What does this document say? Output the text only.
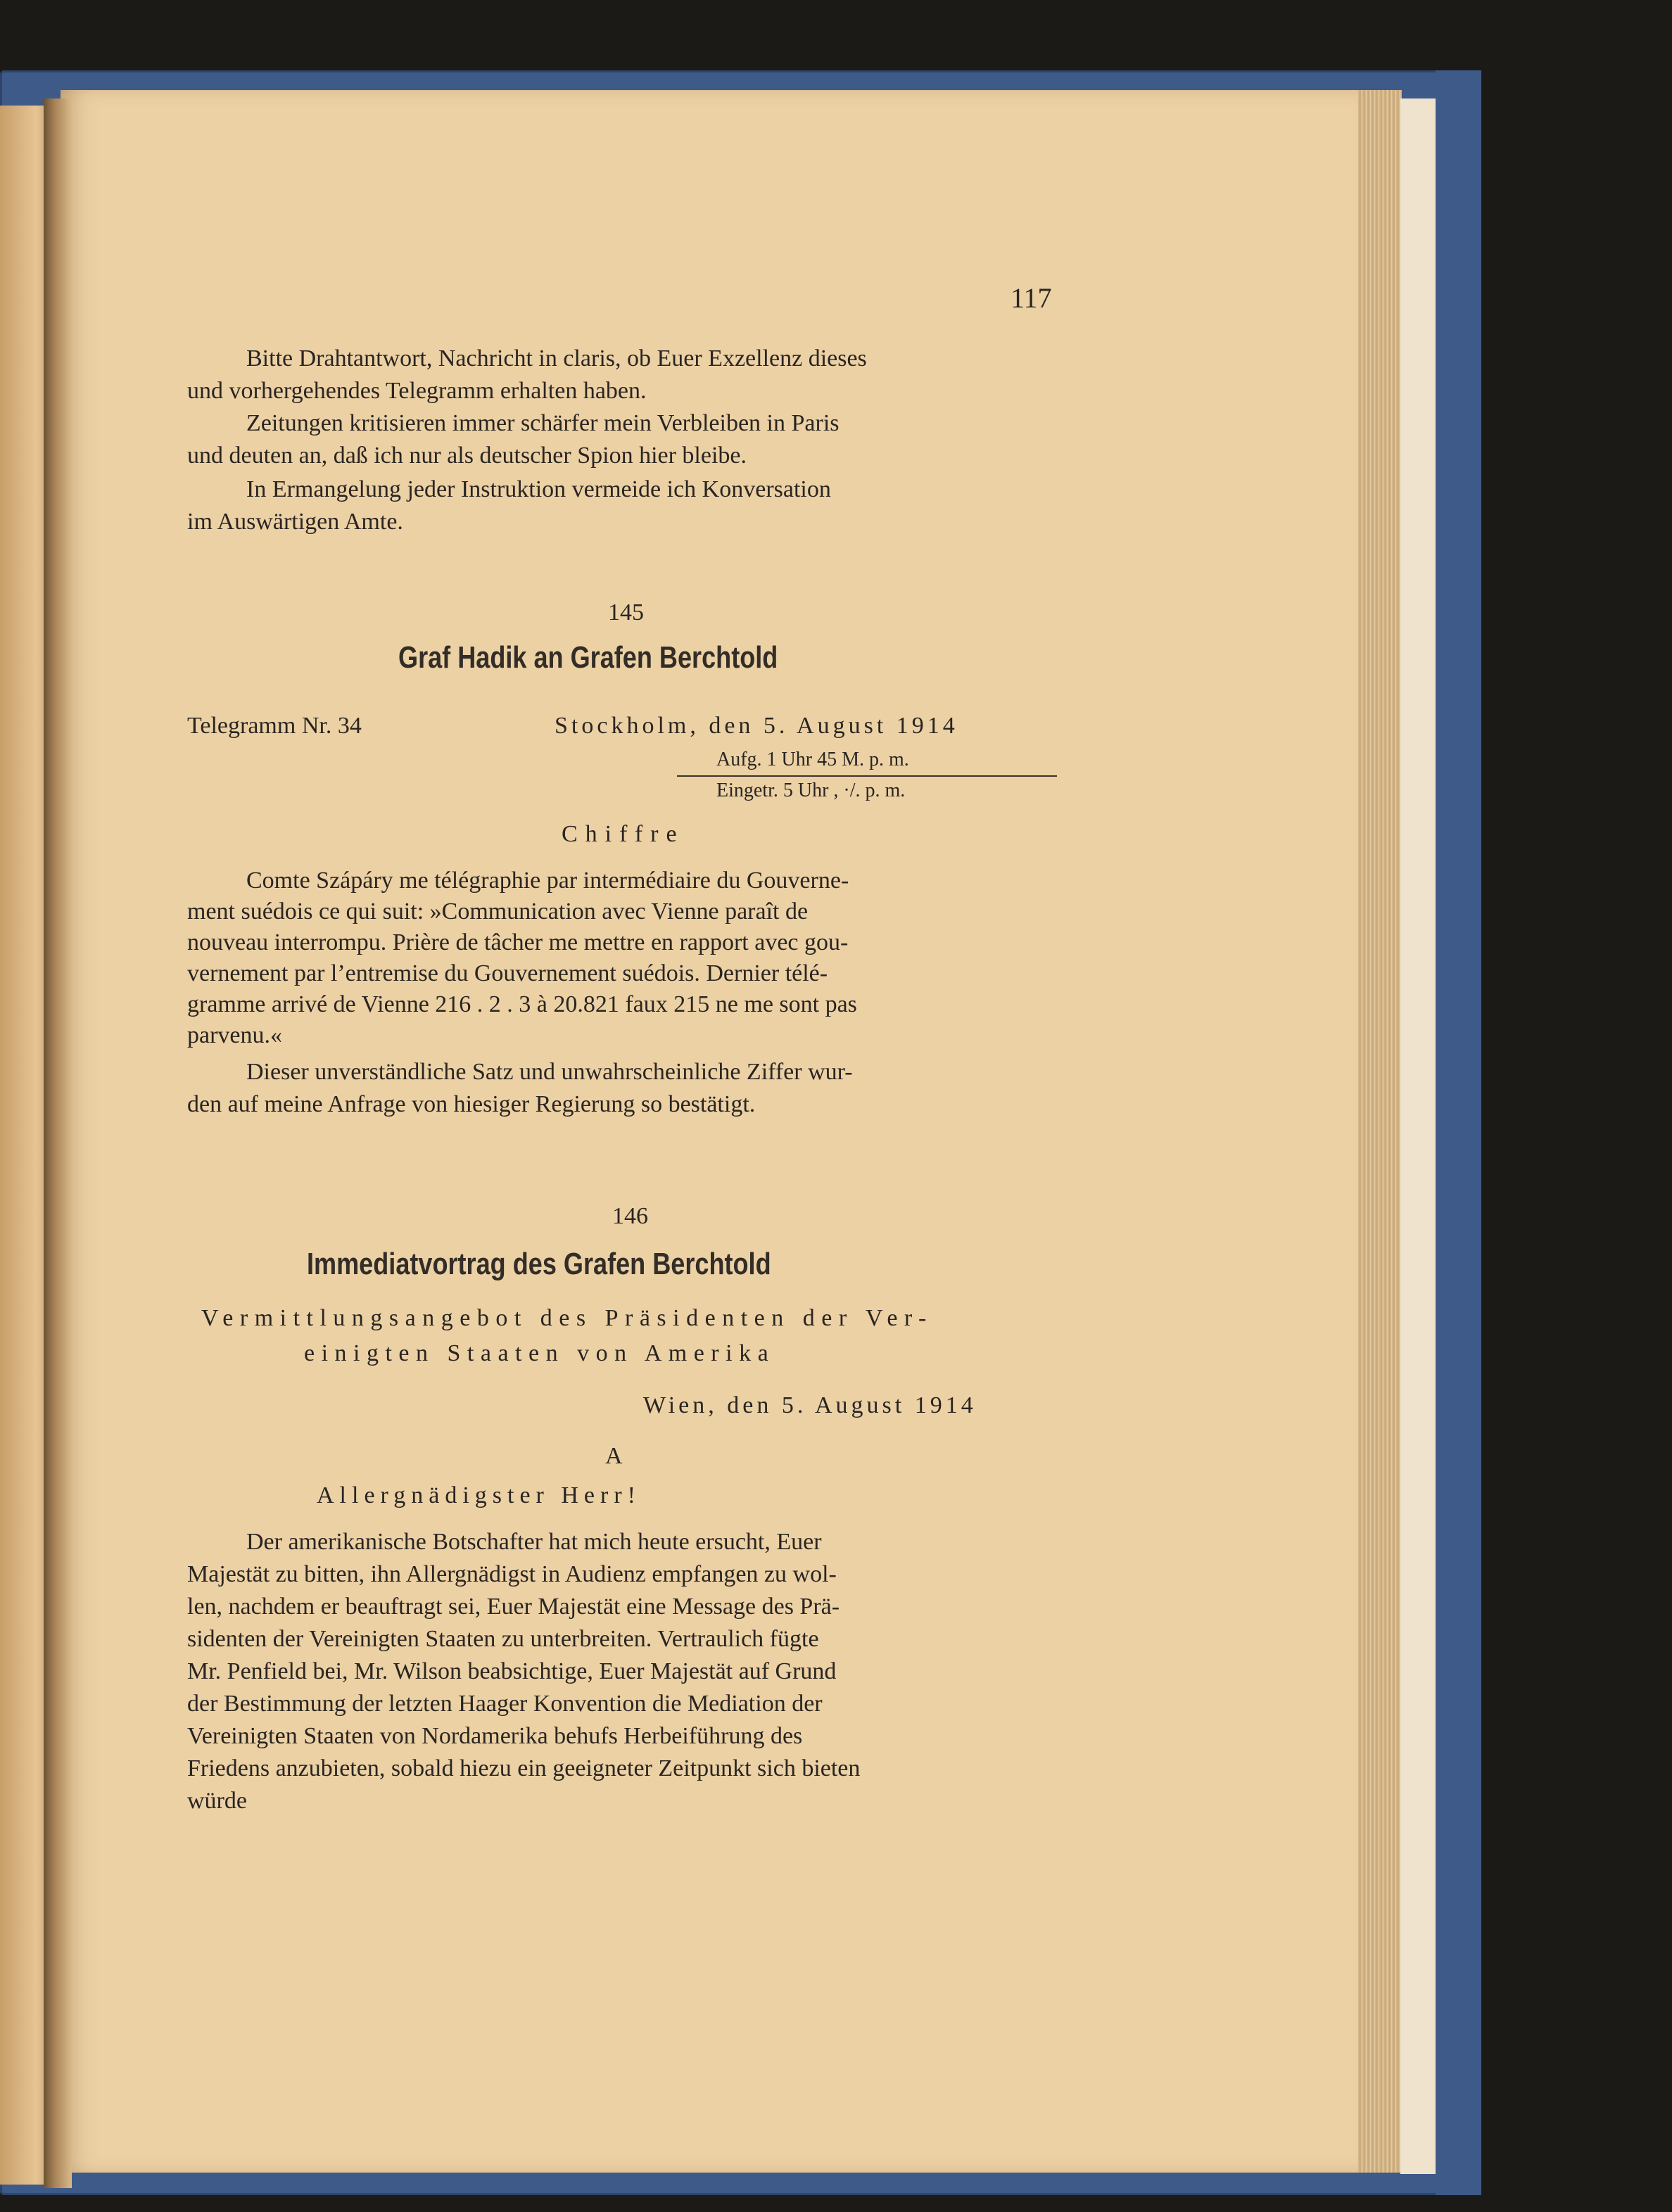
117
Bitte Drahtantwort, Nachricht in claris, ob Euer Exzellenz dieses
und vorhergehendes Telegramm erhalten haben.
Zeitungen kritisieren immer schärfer mein Verbleiben in Paris
und deuten an, daß ich nur als deutscher Spion hier bleibe.
In Ermangelung jeder Instruktion vermeide ich Konversation
im Auswärtigen Amte.
145
Graf Hadik an Grafen Berchtold
Telegramm Nr. 34	Stockholm, den 5. August 1914
Aufg. 1 Uhr 45 M. p. m.
Eingetr. 5 Uhr , ·/. p. m.
Chiffre
Comte Szápáry me télégraphie par intermédiaire du Gouverne-
ment suédois ce qui suit: »Communication avec Vienne paraît de
nouveau interrompu. Prière de tâcher me mettre en rapport avec gou-
vernement par l’entremise du Gouvernement suédois. Dernier télé-
gramme arrivé de Vienne 216 . 2 . 3 à 20.821 faux 215 ne me sont pas
parvenu.«
Dieser unverständliche Satz und unwahrscheinliche Ziffer wur-
den auf meine Anfrage von hiesiger Regierung so bestätigt.
146
Immediatvortrag des Grafen Berchtold
Vermittlungsangebot des Präsidenten der Ver-
einigten Staaten von Amerika
Wien, den 5. August 1914
A
Allergnädigster Herr!
Der amerikanische Botschafter hat mich heute ersucht, Euer
Majestät zu bitten, ihn Allergnädigst in Audienz empfangen zu wol-
len, nachdem er beauftragt sei, Euer Majestät eine Message des Prä-
sidenten der Vereinigten Staaten zu unterbreiten. Vertraulich fügte
Mr. Penfield bei, Mr. Wilson beabsichtige, Euer Majestät auf Grund
der Bestimmung der letzten Haager Konvention die Mediation der
Vereinigten Staaten von Nordamerika behufs Herbeiführung des
Friedens anzubieten, sobald hiezu ein geeigneter Zeitpunkt sich bieten
würde
